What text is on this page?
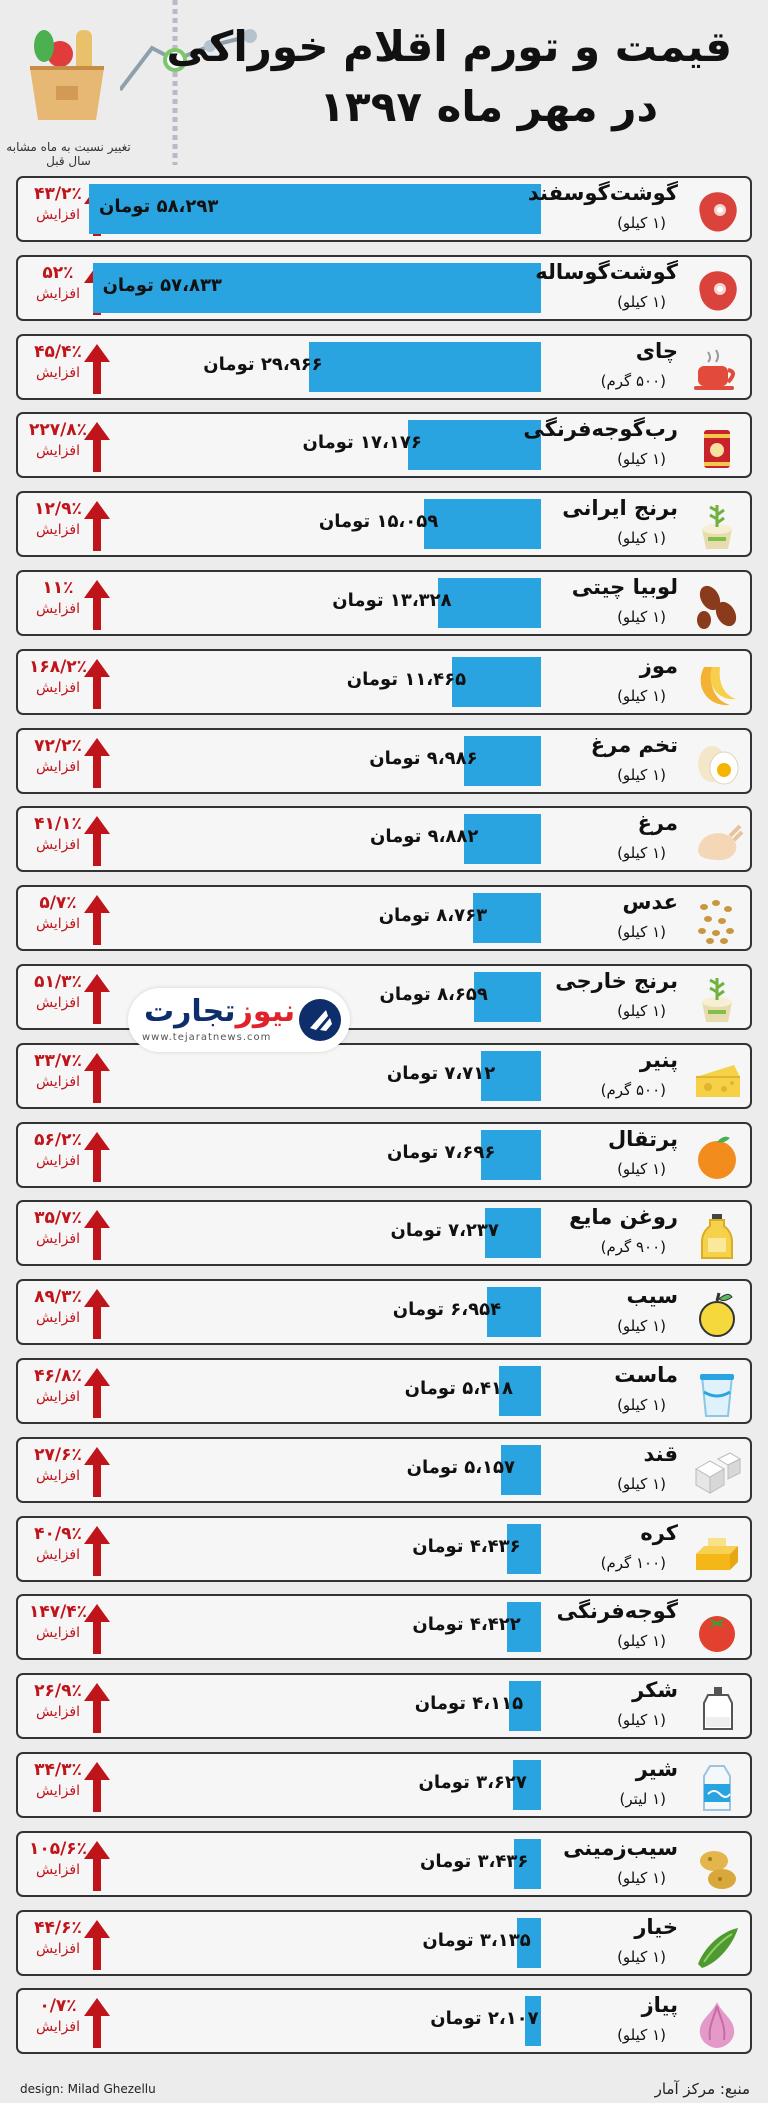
قیمت و تورم اقلام خوراکی
در مهر ماه ۱۳۹۷
تغییر نسبت به ماه مشابه سال قبل
۴۳/۲٪
افزایش	۵۸،۲۹۳ تومان
گوشت‌گوسفند
(۱ کیلو)
۵۲٪
افزایش	۵۷،۸۳۳ تومان
گوشت‌گوساله
(۱ کیلو)
۴۵/۴٪
افزایش	۲۹،۹۶۶ تومان
چای
(۵۰۰ گرم)
۲۲۷/۸٪
افزایش	۱۷،۱۷۶ تومان
رب‌گوجه‌فرنگی
(۱ کیلو)
۱۲/۹٪
افزایش	۱۵،۰۵۹ تومان
برنج ایرانی
(۱ کیلو)
۱۱٪
افزایش	۱۳،۳۲۸ تومان
لوبیا چیتی
(۱ کیلو)
۱۶۸/۲٪
افزایش	۱۱،۴۶۵ تومان
موز
(۱ کیلو)
۷۲/۲٪
افزایش	۹،۹۸۶ تومان
تخم مرغ
(۱ کیلو)
۴۱/۱٪
افزایش	۹،۸۸۲ تومان
مرغ
(۱ کیلو)
۵/۷٪
افزایش	۸،۷۶۳ تومان
عدس
(۱ کیلو)
۵۱/۳٪
افزایش	۸،۶۵۹ تومان
برنج خارجی
(۱ کیلو)
۳۳/۷٪
افزایش	۷،۷۱۲ تومان
پنیر
(۵۰۰ گرم)
۵۶/۲٪
افزایش	۷،۶۹۶ تومان
پرتقال
(۱ کیلو)
۳۵/۷٪
افزایش	۷،۲۳۷ تومان
روغن مایع
(۹۰۰ گرم)
۸۹/۳٪
افزایش	۶،۹۵۴ تومان
سیب
(۱ کیلو)
۴۶/۸٪
افزایش	۵،۴۱۸ تومان
ماست
(۱ کیلو)
۲۷/۶٪
افزایش	۵،۱۵۷ تومان
قند
(۱ کیلو)
۴۰/۹٪
افزایش	۴،۴۳۶ تومان
کره
(۱۰۰ گرم)
۱۴۷/۴٪
افزایش	۴،۴۲۲ تومان
گوجه‌فرنگی
(۱ کیلو)
۲۶/۹٪
افزایش	۴،۱۱۵ تومان
شکر
(۱ کیلو)
۳۴/۳٪
افزایش	۳،۶۲۷ تومان
شیر
(۱ لیتر)
۱۰۵/۶٪
افزایش	۳،۴۳۶ تومان
سیب‌زمینی
(۱ کیلو)
۴۴/۶٪
افزایش	۳،۱۳۵ تومان
خیار
(۱ کیلو)
۰/۷٪
افزایش	۲،۱۰۷ تومان
پیاز
(۱ کیلو)
نیوزتجارت
www.tejaratnews.com
design: Milad Ghezellu	منبع: مرکز آمار
